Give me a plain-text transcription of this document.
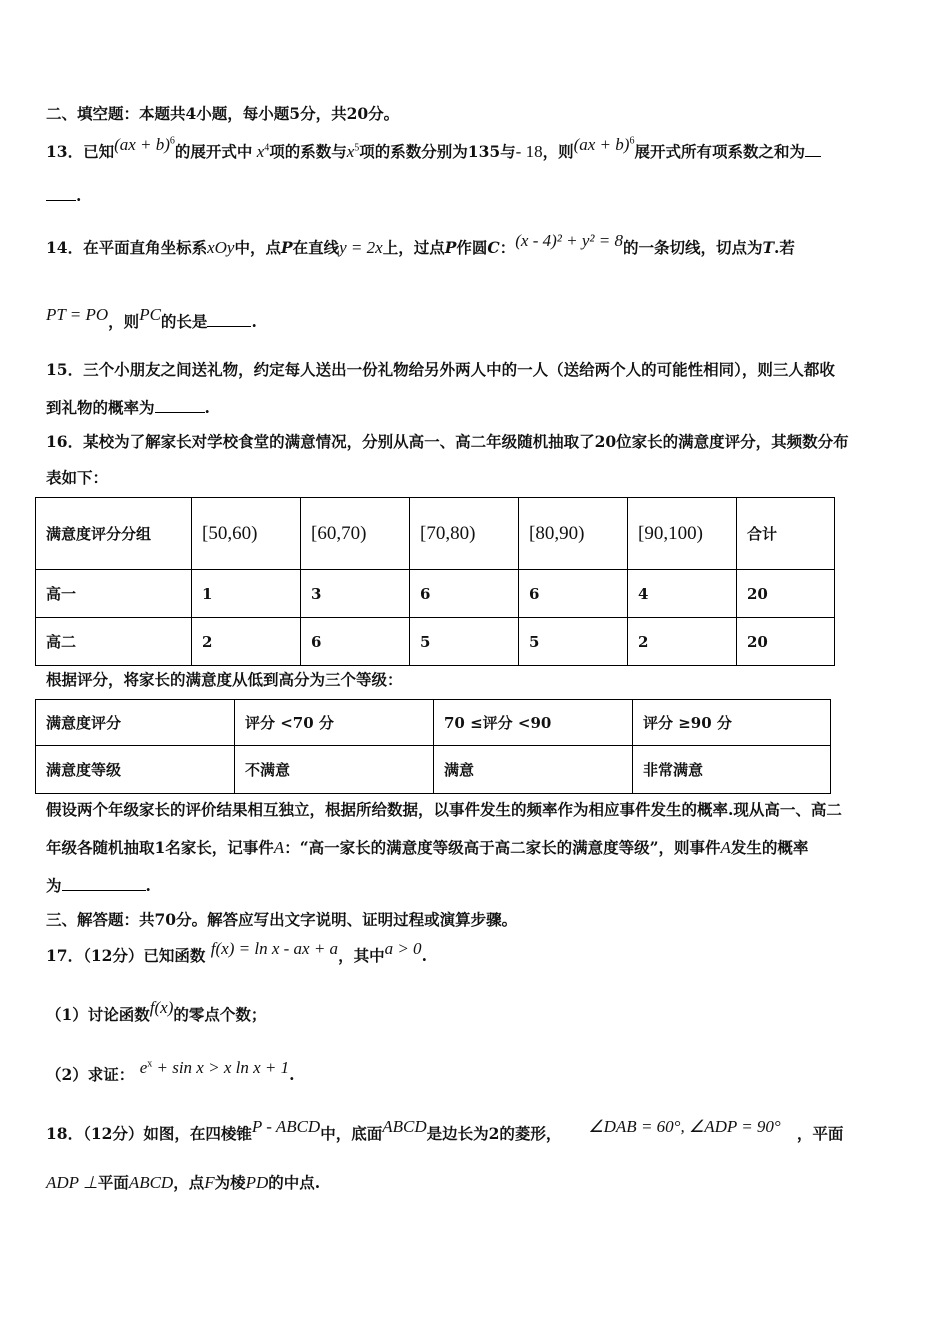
二、填空题：本题共4小题，每小题5分，共20分。
13．已知(ax + b)$^6$的展开式中 $x^4$项的系数与$x^5$项的系数分别为135与- 18，则(ax + b)$^6$展开式所有项系数之和为
.
14．在平面直角坐标系xOy中，点P在直线y = 2x上，过点P作圆C：(x - 4)² + y² = 8的一条切线，切点为T.若
PT = PO，则PC的长是	.
15．三个小朋友之间送礼物，约定每人送出一份礼物给另外两人中的一人（送给两个人的可能性相同），则三人都收
到礼物的概率为	.
16．某校为了解家长对学校食堂的满意情况，分别从高一、高二年级随机抽取了20位家长的满意度评分，其频数分布
表如下：
满意度评分分组	[50,60)	[60,70)	[70,80)	[80,90)	[90,100)	合计
高一	1	3	6	6	4	20
高二	2	6	5	5	2	20
根据评分，将家长的满意度从低到高分为三个等级：
满意度评分	评分 <70 分	70 ≤评分 <90	评分 ≥90 分
满意度等级	不满意	满意	非常满意
假设两个年级家长的评价结果相互独立，根据所给数据，以事件发生的频率作为相应事件发生的概率.现从高一、高二
年级各随机抽取1名家长，记事件A：“高一家长的满意度等级高于高二家长的满意度等级”，则事件A发生的概率
为	.
三、解答题：共70分。解答应写出文字说明、证明过程或演算步骤。
17．（12分）已知函数 f(x) = ln x - ax + a，其中a > 0.
（1）讨论函数f(x)的零点个数；
（2）求证： $e^x + \sin x > x$ ln x + 1.
18．（12分）如图，在四棱锥P - ABCD中，底面ABCD是边长为2的菱形， ∠DAB = 60°, ∠ADP = 90° ，平面
ADP ⊥平面ABCD，点F为棱PD的中点.
